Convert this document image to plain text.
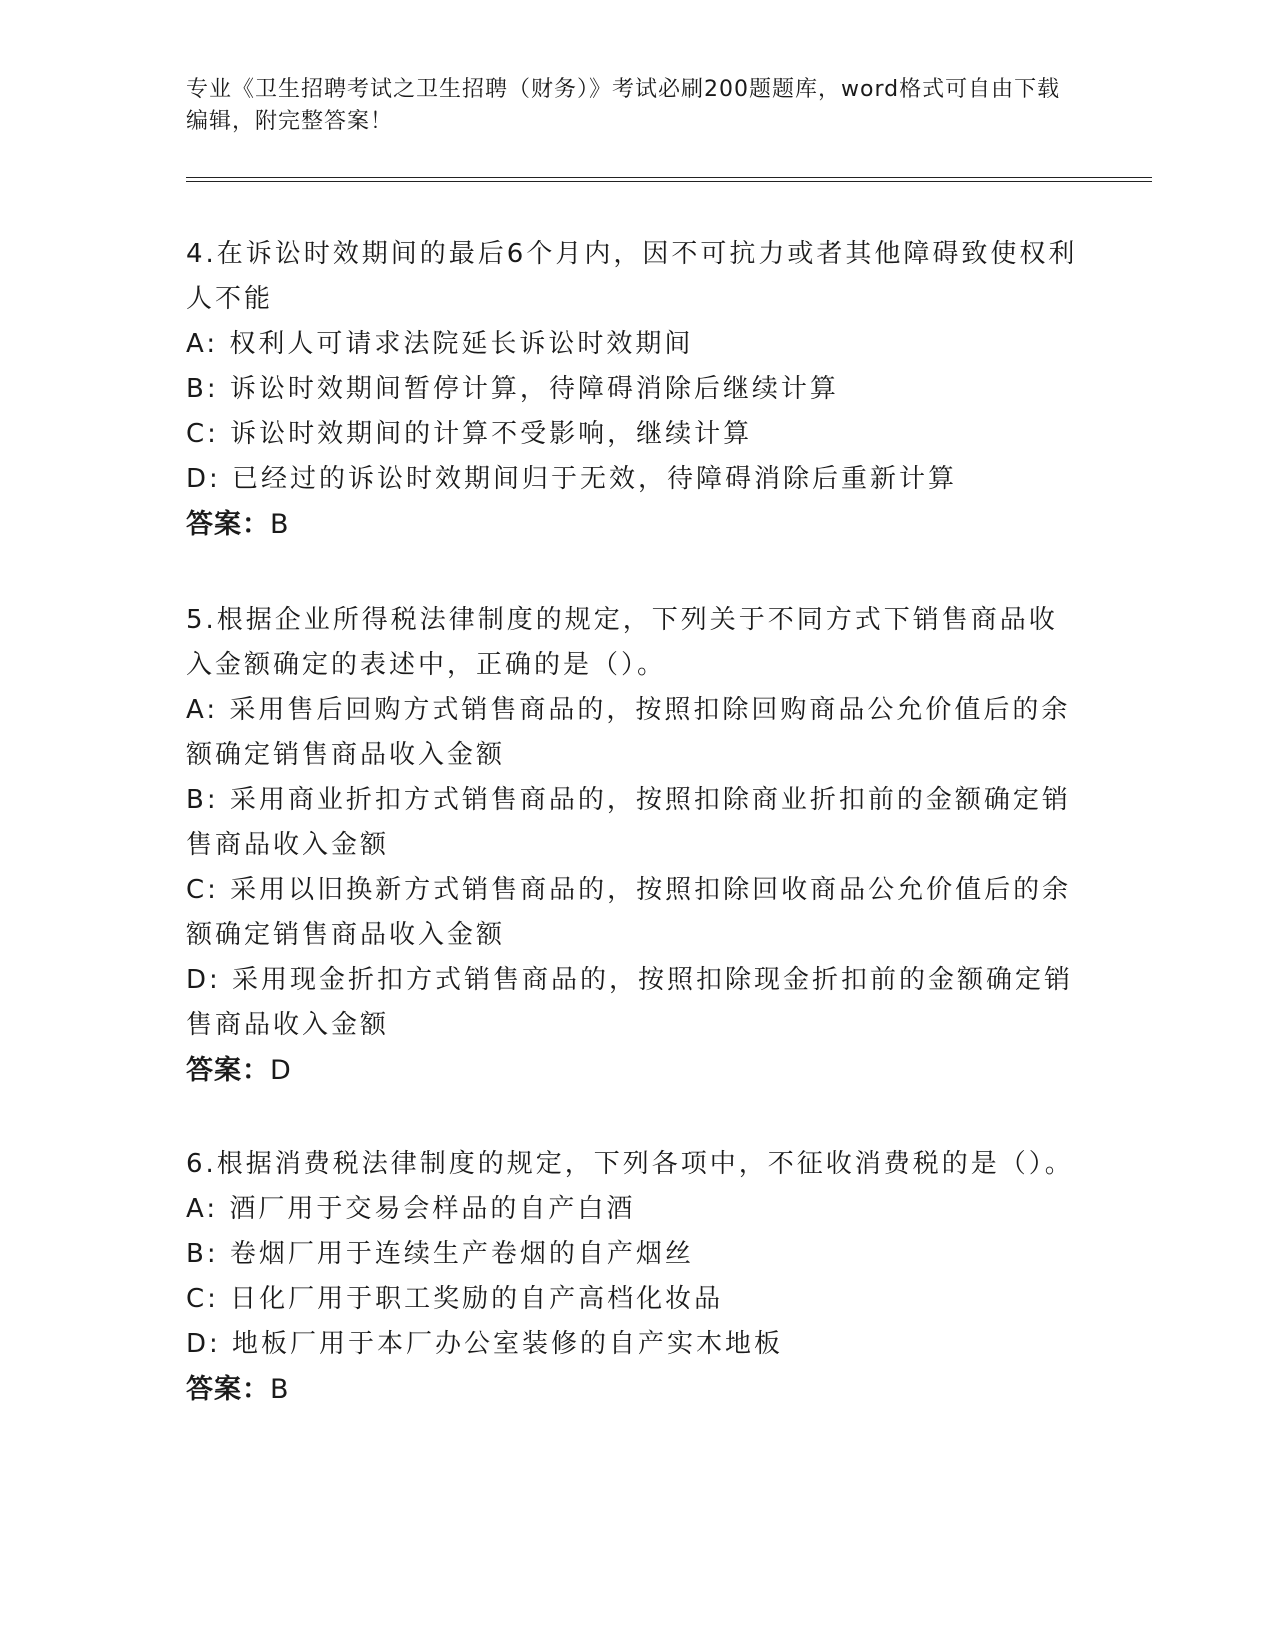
专业《卫生招聘考试之卫生招聘（财务）》考试必刷200题题库，word格式可自由下载编辑，附完整答案！

4.在诉讼时效期间的最后6个月内，因不可抗力或者其他障碍致使权利人不能

A: 权利人可请求法院延长诉讼时效期间

B: 诉讼时效期间暂停计算，待障碍消除后继续计算

C: 诉讼时效期间的计算不受影响，继续计算

D: 已经过的诉讼时效期间归于无效，待障碍消除后重新计算

答案：B

5.根据企业所得税法律制度的规定，下列关于不同方式下销售商品收入金额确定的表述中，正确的是（）。

A: 采用售后回购方式销售商品的，按照扣除回购商品公允价值后的余额确定销售商品收入金额

B: 采用商业折扣方式销售商品的，按照扣除商业折扣前的金额确定销售商品收入金额

C: 采用以旧换新方式销售商品的，按照扣除回收商品公允价值后的余额确定销售商品收入金额

D: 采用现金折扣方式销售商品的，按照扣除现金折扣前的金额确定销售商品收入金额

答案：D

6.根据消费税法律制度的规定，下列各项中，不征收消费税的是（）。

A: 酒厂用于交易会样品的自产白酒

B: 卷烟厂用于连续生产卷烟的自产烟丝

C: 日化厂用于职工奖励的自产高档化妆品

D: 地板厂用于本厂办公室装修的自产实木地板

答案：B
